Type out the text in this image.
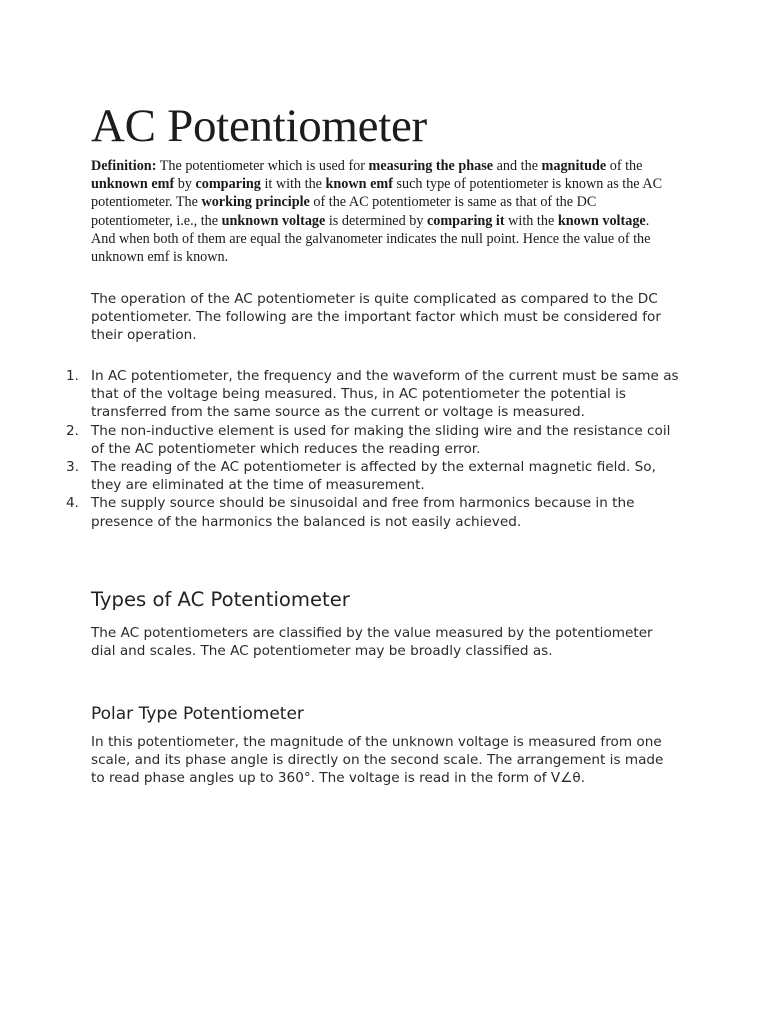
AC Potentiometer

Definition: The potentiometer which is used for measuring the phase and the magnitude of the unknown emf by comparing it with the known emf such type of potentiometer is known as the AC potentiometer. The working principle of the AC potentiometer is same as that of the DC potentiometer, i.e., the unknown voltage is determined by comparing it with the known voltage. And when both of them are equal the galvanometer indicates the null point. Hence the value of the unknown emf is known.

The operation of the AC potentiometer is quite complicated as compared to the DC potentiometer. The following are the important factor which must be considered for their operation.

1. In AC potentiometer, the frequency and the waveform of the current must be same as that of the voltage being measured. Thus, in AC potentiometer the potential is transferred from the same source as the current or voltage is measured.
2. The non-inductive element is used for making the sliding wire and the resistance coil of the AC potentiometer which reduces the reading error.
3. The reading of the AC potentiometer is affected by the external magnetic field. So, they are eliminated at the time of measurement.
4. The supply source should be sinusoidal and free from harmonics because in the presence of the harmonics the balanced is not easily achieved.
Types of AC Potentiometer

The AC potentiometers are classified by the value measured by the potentiometer dial and scales. The AC potentiometer may be broadly classified as.

Polar Type Potentiometer

In this potentiometer, the magnitude of the unknown voltage is measured from one scale, and its phase angle is directly on the second scale. The arrangement is made to read phase angles up to 360°. The voltage is read in the form of V∠θ.
